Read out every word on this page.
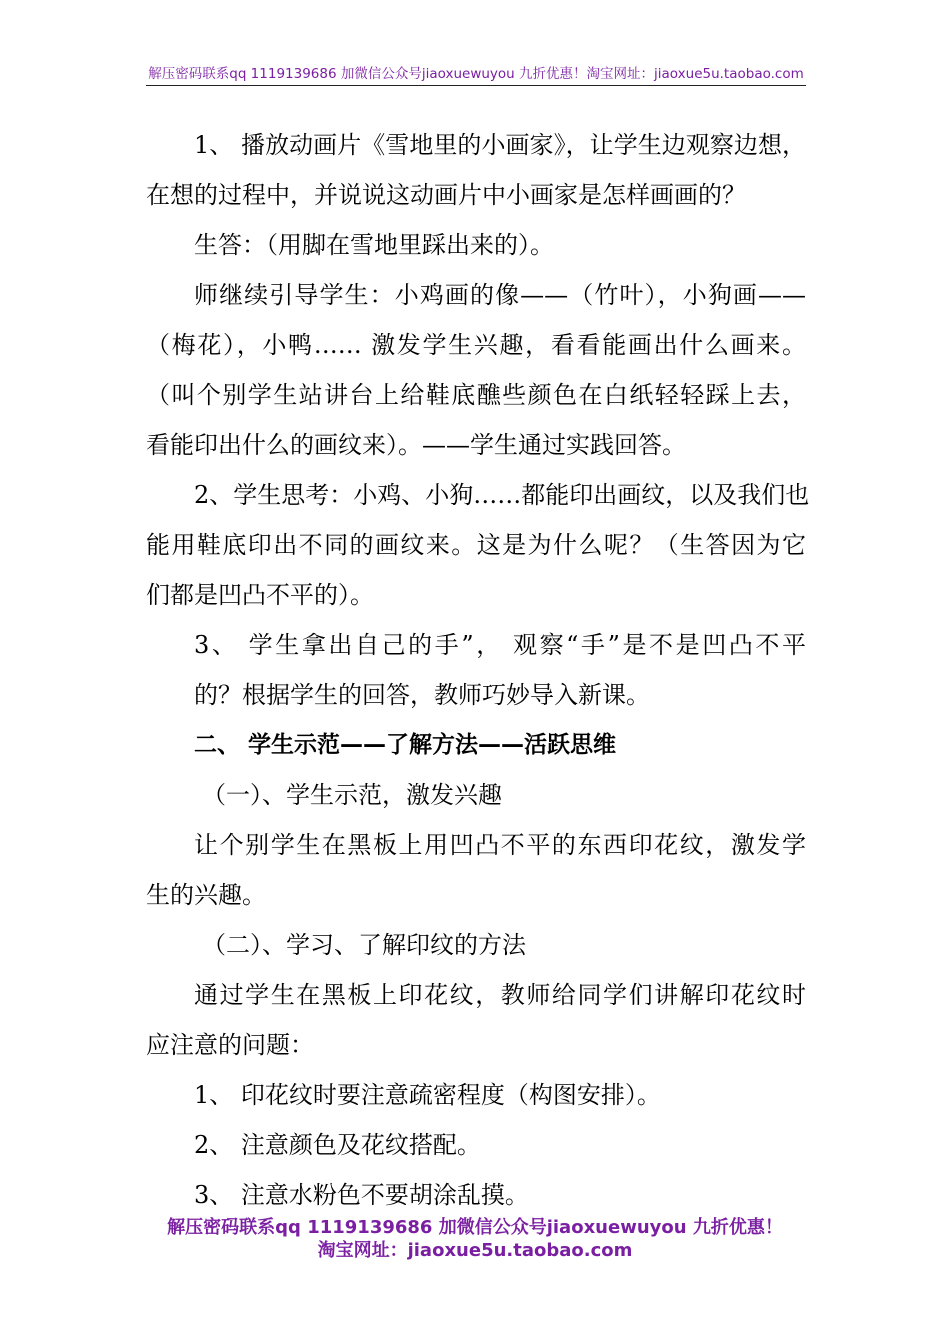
解压密码联系qq 1119139686 加微信公众号jiaoxuewuyou 九折优惠！淘宝网址：jiaoxue5u.taobao.com
1、 播放动画片《雪地里的小画家》，让学生边观察边想，
在想的过程中，并说说这动画片中小画家是怎样画画的？
生答：（用脚在雪地里踩出来的）。
师继续引导学生：小鸡画的像——（竹叶），小狗画——
（梅花），小鸭…… 激发学生兴趣，看看能画出什么画来。
（叫个别学生站讲台上给鞋底醮些颜色在白纸轻轻踩上去，
看能印出什么的画纹来）。——学生通过实践回答。
2、学生思考：小鸡、小狗……都能印出画纹，以及我们也
能用鞋底印出不同的画纹来。这是为什么呢？（生答因为它
们都是凹凸不平的）。
3、 学生拿出自己的手”， 观察“手”是不是凹凸不平
的？根据学生的回答，教师巧妙导入新课。
二、 学生示范——了解方法——活跃思维
（一）、学生示范，激发兴趣
让个别学生在黑板上用凹凸不平的东西印花纹，激发学
生的兴趣。
（二）、学习、了解印纹的方法
通过学生在黑板上印花纹，教师给同学们讲解印花纹时
应注意的问题：
1、 印花纹时要注意疏密程度（构图安排）。
2、 注意颜色及花纹搭配。
3、 注意水粉色不要胡涂乱摸。
解压密码联系qq 1119139686 加微信公众号jiaoxuewuyou 九折优惠！
淘宝网址：jiaoxue5u.taobao.com
